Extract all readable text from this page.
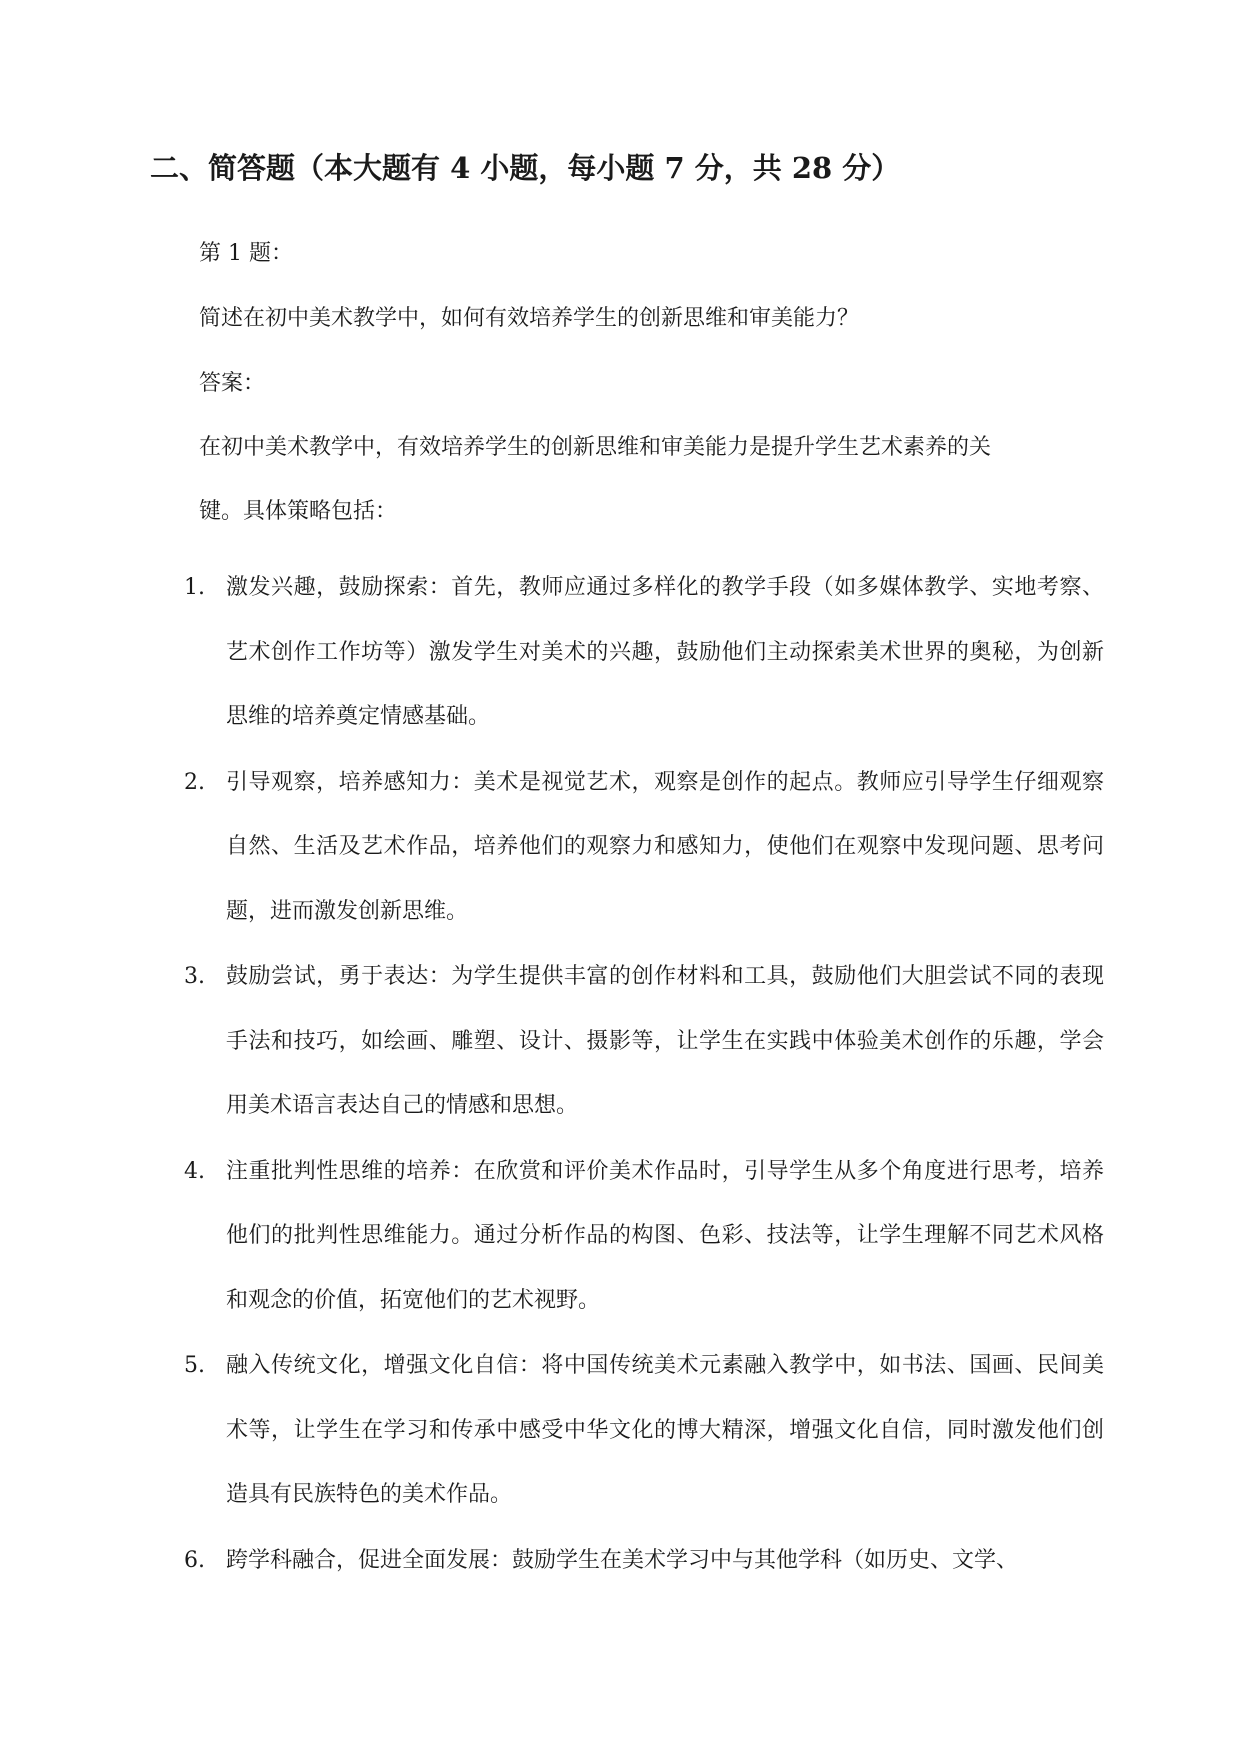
二、简答题（本大题有 4 小题，每小题 7 分，共 28 分）

第 1 题：

简述在初中美术教学中，如何有效培养学生的创新思维和审美能力？

答案：

在初中美术教学中，有效培养学生的创新思维和审美能力是提升学生艺术素养的关

键。具体策略包括：

1. 激发兴趣，鼓励探索：首先，教师应通过多样化的教学手段（如多媒体教学、实地考察、艺术创作工作坊等）激发学生对美术的兴趣，鼓励他们主动探索美术世界的奥秘，为创新思维的培养奠定情感基础。
2. 引导观察，培养感知力：美术是视觉艺术，观察是创作的起点。教师应引导学生仔细观察自然、生活及艺术作品，培养他们的观察力和感知力，使他们在观察中发现问题、思考问题，进而激发创新思维。
3. 鼓励尝试，勇于表达：为学生提供丰富的创作材料和工具，鼓励他们大胆尝试不同的表现手法和技巧，如绘画、雕塑、设计、摄影等，让学生在实践中体验美术创作的乐趣，学会用美术语言表达自己的情感和思想。
4. 注重批判性思维的培养：在欣赏和评价美术作品时，引导学生从多个角度进行思考，培养他们的批判性思维能力。通过分析作品的构图、色彩、技法等，让学生理解不同艺术风格和观念的价值，拓宽他们的艺术视野。
5. 融入传统文化，增强文化自信：将中国传统美术元素融入教学中，如书法、国画、民间美术等，让学生在学习和传承中感受中华文化的博大精深，增强文化自信，同时激发他们创造具有民族特色的美术作品。
6. 跨学科融合，促进全面发展：鼓励学生在美术学习中与其他学科（如历史、文学、
